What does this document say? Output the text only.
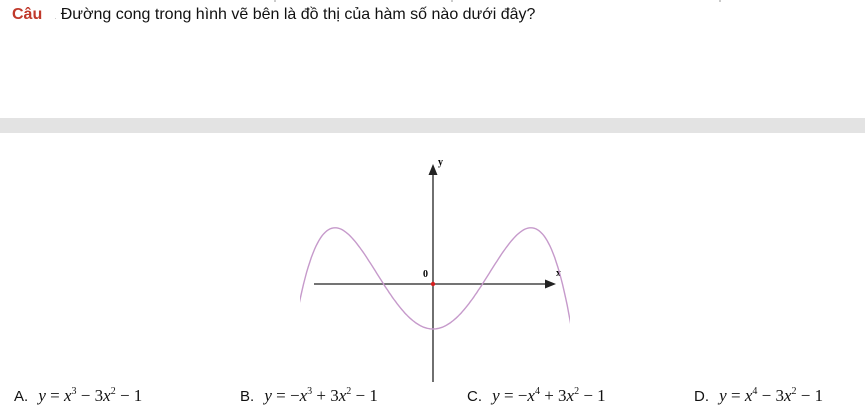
Câu . Đường cong trong hình vẽ bên là đồ thị của hàm số nào dưới đây?
x
y
0
A. $y = x^3 - 3x^2 - 1$	B. $y = -x^3 + 3x^2 - 1$	C. $y = -x^4 + 3x^2 - 1$	D. $y = x^4 - 3x^2 - 1$
